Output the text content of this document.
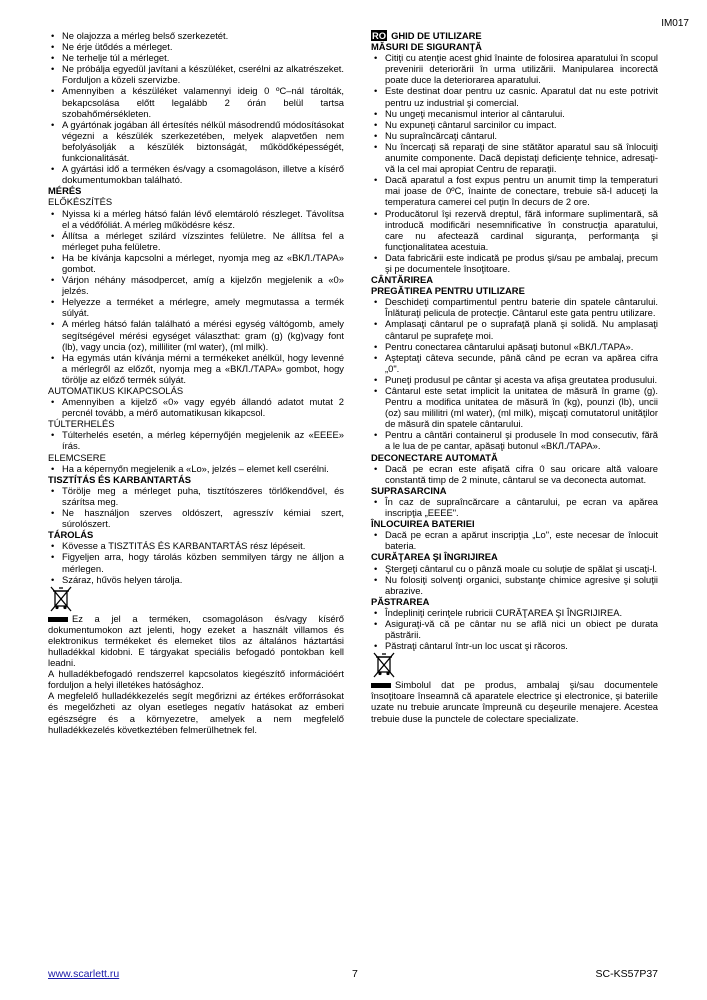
IM017
• Ne olajozza a mérleg belső szerkezetét.
• Ne érje ütődés a mérleget.
• Ne terhelje túl a mérleget.
• Ne próbálja egyedül javítani a készüléket, cserélni az alkatrészeket. Forduljon a közeli szervizbe.
• Amennyiben a készüléket valamennyi ideig 0 ºC–nál tárolták, bekapcsolása előtt legalább 2 órán belül tartsa szobahőmérsékleten.
• A gyártónak jogában áll értesítés nélkül másodrendű módosításokat végezni a készülék szerkezetében, melyek alapvetően nem befolyásolják a készülék biztonságát, működőképességét, funkcionalitását.
• A gyártási idő a terméken és/vagy a csomagoláson, illetve a kísérő dokumentumokban található.
MÉRÉS
ELŐKÉSZÍTÉS
• Nyissa ki a mérleg hátsó falán lévő elemtároló részleget. Távolítsa el a védőfóliát. A mérleg működésre kész.
• Állítsa a mérleget szilárd vízszintes felületre. Ne állítsa fel a mérleget puha felületre.
• Ha be kívánja kapcsolni a mérleget, nyomja meg az «ВКЛ./ТАРА» gombot.
• Várjon néhány másodpercet, amíg a kijelzőn megjelenik a «0» jelzés.
• Helyezze a terméket a mérlegre, amely megmutassa a termék súlyát.
• A mérleg hátsó falán található a mérési egység váltógomb, amely segítségével mérési egységet választhat: gram (g) (kg)vagy font (lb), vagy uncia (oz), milliliter (ml water), (ml milk).
• Ha egymás után kívánja mérni a termékeket anélkül, hogy levenné a mérlegről az előzőt, nyomja meg a «ВКЛ./ТАРА» gombot, hogy törölje az előző termék súlyát.
AUTOMATIKUS KIKAPCSOLÁS
• Amennyiben a kijelző «0» vagy egyéb állandó adatot mutat 2 percnél tovább, a mérő automatikusan kikapcsol.
TÚLTERHELÉS
• Túlterhelés esetén, a mérleg képernyőjén megjelenik az «EEEE» írás.
ELEMCSERE
• Ha a képernyőn megjelenik a «Lo», jelzés – elemet kell cserélni.
TISZTÍTÁS ÉS KARBANTARTÁS
• Törölje meg a mérleget puha, tisztítószeres törlőkendővel, és szárítsa meg.
• Ne használjon szerves oldószert, agresszív kémiai szert, súrolószert.
TÁROLÁS
• Kövesse a TISZTITÁS ÉS KARBANTARTÁS rész lépéseit.
• Figyeljen arra, hogy tárolás közben semmilyen tárgy ne álljon a mérlegen.
• Száraz, hűvös helyen tárolja.

Ez a jel a terméken, csomagoláson és/vagy kísérő dokumentumokon azt jelenti, hogy ezeket a használt villamos és elektronikus termékeket és elemeket tilos az általános háztartási hulladékkal kidobni. E tárgyakat speciális befogadó pontokban kell leadni.

A hulladékbefogadó rendszerrel kapcsolatos kiegészítő információért forduljon a helyi illetékes hatósághoz.

A megfelelő hulladékkezelés segít megőrizni az értékes erőforrásokat és megelőzheti az olyan esetleges negatív hatásokat az emberi egészségre és a környezetre, amelyek a nem megfelelő hulladékkezelés következtében felmerülhetnek fel.

RO GHID DE UTILIZARE
MĂSURI DE SIGURANŢĂ
• Citiţi cu atenţie acest ghid înainte de folosirea aparatului în scopul prevenirii deteriorării în urma utilizării. Manipularea incorectă poate duce la deteriorarea aparatului.
• Este destinat doar pentru uz casnic. Aparatul dat nu este potrivit pentru uz industrial şi comercial.
• Nu ungeţi mecanismul interior al cântarului.
• Nu expuneţi cântarul sarcinilor cu impact.
• Nu supraîncărcaţi cântarul.
• Nu încercaţi să reparaţi de sine stătător aparatul sau să înlocuiţi anumite componente. Dacă depistaţi deficienţe tehnice, adresaţi-vă la cel mai apropiat Centru de reparaţii.
• Dacă aparatul a fost expus pentru un anumit timp la temperaturi mai joase de 0ºC, înainte de conectare, trebuie să-l aduceţi la temperatura camerei cel puţin în decurs de 2 ore.
• Producătorul îşi rezervă dreptul, fără informare suplimentară, să introducă modificări nesemnificative în construcţia aparatului, care nu afectează cardinal siguranţa, performanţa şi funcţionalitatea acestuia.
• Data fabricării este indicată pe produs şi/sau pe ambalaj, precum şi pe documentele însoţitoare.
CÂNTĂRIREA
PREGĂTIREA PENTRU UTILIZARE
• Deschideţi compartimentul pentru baterie din spatele cântarului. Înlăturaţi pelicula de protecţie. Cântarul este gata pentru utilizare.
• Amplasaţi cântarul pe o suprafaţă plană şi solidă. Nu amplasaţi cântarul pe suprafeţe moi.
• Pentru conectarea cântarului apăsaţi butonul «ВКЛ./ТАРА».
• Aşteptaţi câteva secunde, până când pe ecran va apărea cifra „0".
• Puneţi produsul pe cântar şi acesta va afişa greutatea produsului.
• Cântarul este setat implicit la unitatea de măsură în grame (g). Pentru a modifica unitatea de măsură în (kg), pounzi (lb), uncii (oz) sau mililitri (ml water), (ml milk), mişcaţi comutatorul unităţilor de măsură din spatele cântarului.
• Pentru a cântări containerul şi produsele în mod consecutiv, fără a le lua de pe cantar, apăsaţi butonul «ВКЛ./ТАРА».
DECONECTARE AUTOMATĂ
• Dacă pe ecran este afişată cifra 0 sau oricare altă valoare constantă timp de 2 minute, cântarul se va deconecta automat.
SUPRASARCINA
• În caz de supraîncărcare a cântarului, pe ecran va apărea inscripţia „EEEE".
ÎNLOCUIREA BATERIEI
• Dacă pe ecran a apărut inscripţia „Lo", este necesar de înlocuit bateria.
CURĂŢAREA ŞI ÎNGRIJIREA
• Ştergeţi cântarul cu o pânză moale cu soluţie de spălat şi uscaţi-l.
• Nu folosiţi solvenţi organici, substanţe chimice agresive şi soluţii abrazive.
PĂSTRAREA
• Îndepliniţi cerinţele rubricii CURĂŢAREA ŞI ÎNGRIJIREA.
• Asiguraţi-vă că pe cântar nu se află nici un obiect pe durata păstrării.
• Păstraţi cântarul într-un loc uscat şi răcoros.

Simbolul dat pe produs, ambalaj şi/sau documentele însoţitoare înseamnă că aparatele electrice şi electronice, şi bateriile uzate nu trebuie aruncate împreună cu deşeurile menajere. Acestea trebuie duse la punctele de colectare specializate.

www.scarlett.ru	7	SC-KS57P37
